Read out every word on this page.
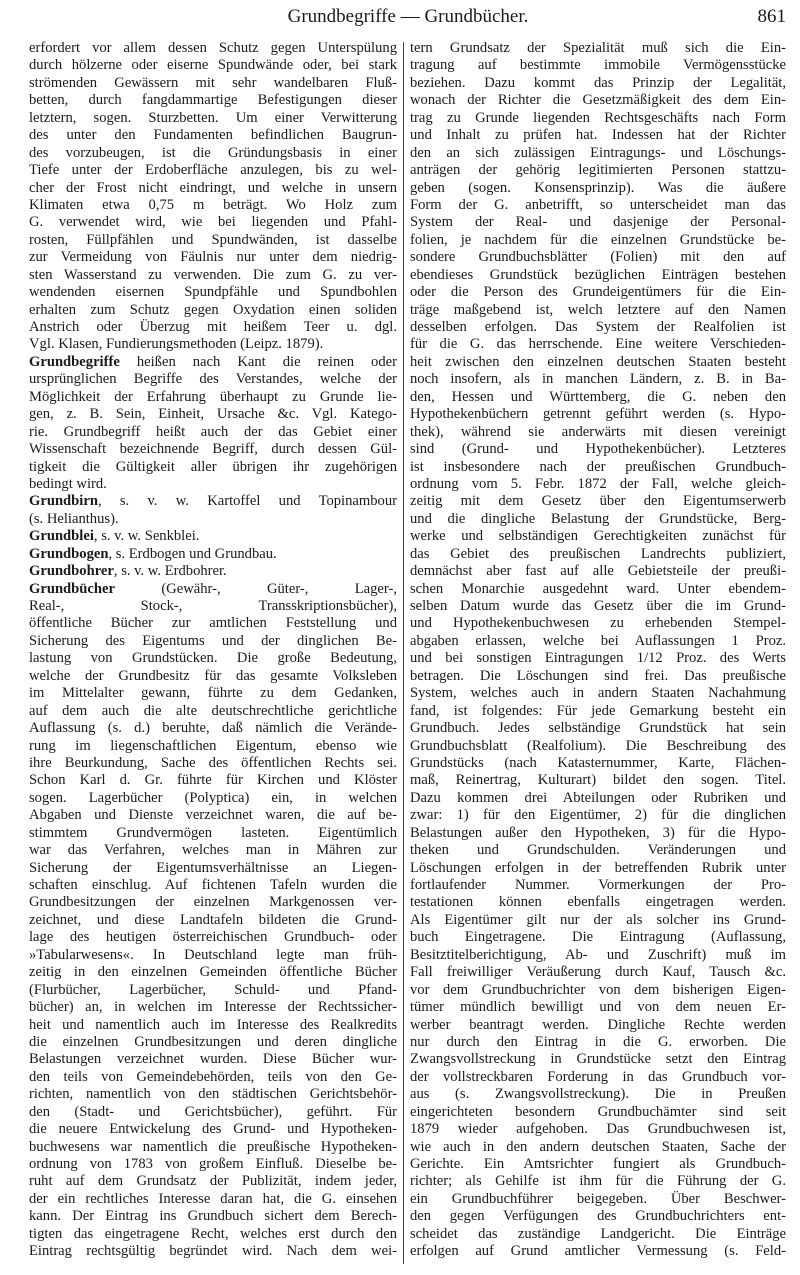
Grundbegriffe — Grundbücher.	861
erfordert vor allem dessen Schutz gegen Unterspülung
durch hölzerne oder eiserne Spundwände oder, bei stark
strömenden Gewässern mit sehr wandelbaren Fluß-
betten, durch fangdammartige Befestigungen dieser
letztern, sogen. Sturzbetten. Um einer Verwitterung
des unter den Fundamenten befindlichen Baugrun-
des vorzubeugen, ist die Gründungsbasis in einer
Tiefe unter der Erdoberfläche anzulegen, bis zu wel-
cher der Frost nicht eindringt, und welche in unsern
Klimaten etwa 0,75 m beträgt. Wo Holz zum
G. verwendet wird, wie bei liegenden und Pfahl-
rosten, Füllpfählen und Spundwänden, ist dasselbe
zur Vermeidung von Fäulnis nur unter dem niedrig-
sten Wasserstand zu verwenden. Die zum G. zu ver-
wendenden eisernen Spundpfähle und Spundbohlen
erhalten zum Schutz gegen Oxydation einen soliden
Anstrich oder Überzug mit heißem Teer u. dgl.
Vgl. Klasen, Fundierungsmethoden (Leipz. 1879).
Grundbegriffe heißen nach Kant die reinen oder
ursprünglichen Begriffe des Verstandes, welche der
Möglichkeit der Erfahrung überhaupt zu Grunde lie-
gen, z. B. Sein, Einheit, Ursache &c. Vgl. Katego-
rie. Grundbegriff heißt auch der das Gebiet einer
Wissenschaft bezeichnende Begriff, durch dessen Gül-
tigkeit die Gültigkeit aller übrigen ihr zugehörigen
bedingt wird.
Grundbirn, s. v. w. Kartoffel und Topinambour
(s. Helianthus).
Grundblei, s. v. w. Senkblei.
Grundbogen, s. Erdbogen und Grundbau.
Grundbohrer, s. v. w. Erdbohrer.
Grundbücher (Gewähr-, Güter-, Lager-,
Real-, Stock-, Transskriptionsbücher),
öffentliche Bücher zur amtlichen Feststellung und
Sicherung des Eigentums und der dinglichen Be-
lastung von Grundstücken. Die große Bedeutung,
welche der Grundbesitz für das gesamte Volksleben
im Mittelalter gewann, führte zu dem Gedanken,
auf dem auch die alte deutschrechtliche gerichtliche
Auflassung (s. d.) beruhte, daß nämlich die Verände-
rung im liegenschaftlichen Eigentum, ebenso wie
ihre Beurkundung, Sache des öffentlichen Rechts sei.
Schon Karl d. Gr. führte für Kirchen und Klöster
sogen. Lagerbücher (Polyptica) ein, in welchen
Abgaben und Dienste verzeichnet waren, die auf be-
stimmtem Grundvermögen lasteten. Eigentümlich
war das Verfahren, welches man in Mähren zur
Sicherung der Eigentumsverhältnisse an Liegen-
schaften einschlug. Auf fichtenen Tafeln wurden die
Grundbesitzungen der einzelnen Markgenossen ver-
zeichnet, und diese Landtafeln bildeten die Grund-
lage des heutigen österreichischen Grundbuch- oder
»Tabularwesens«. In Deutschland legte man früh-
zeitig in den einzelnen Gemeinden öffentliche Bücher
(Flurbücher, Lagerbücher, Schuld- und Pfand-
bücher) an, in welchen im Interesse der Rechtssicher-
heit und namentlich auch im Interesse des Realkredits
die einzelnen Grundbesitzungen und deren dingliche
Belastungen verzeichnet wurden. Diese Bücher wur-
den teils von Gemeindebehörden, teils von den Ge-
richten, namentlich von den städtischen Gerichtsbehör-
den (Stadt- und Gerichtsbücher), geführt. Für
die neuere Entwickelung des Grund- und Hypotheken-
buchwesens war namentlich die preußische Hypotheken-
ordnung von 1783 von großem Einfluß. Dieselbe be-
ruht auf dem Grundsatz der Publizität, indem jeder,
der ein rechtliches Interesse daran hat, die G. einsehen
kann. Der Eintrag ins Grundbuch sichert dem Berech-
tigten das eingetragene Recht, welches erst durch den
Eintrag rechtsgültig begründet wird. Nach dem wei-
tern Grundsatz der Spezialität muß sich die Ein-
tragung auf bestimmte immobile Vermögensstücke
beziehen. Dazu kommt das Prinzip der Legalität,
wonach der Richter die Gesetzmäßigkeit des dem Ein-
trag zu Grunde liegenden Rechtsgeschäfts nach Form
und Inhalt zu prüfen hat. Indessen hat der Richter
den an sich zulässigen Eintragungs- und Löschungs-
anträgen der gehörig legitimierten Personen stattzu-
geben (sogen. Konsensprinzip). Was die äußere
Form der G. anbetrifft, so unterscheidet man das
System der Real- und dasjenige der Personal-
folien, je nachdem für die einzelnen Grundstücke be-
sondere Grundbuchsblätter (Folien) mit den auf
ebendieses Grundstück bezüglichen Einträgen bestehen
oder die Person des Grundeigentümers für die Ein-
träge maßgebend ist, welch letztere auf den Namen
desselben erfolgen. Das System der Realfolien ist
für die G. das herrschende. Eine weitere Verschieden-
heit zwischen den einzelnen deutschen Staaten besteht
noch insofern, als in manchen Ländern, z. B. in Ba-
den, Hessen und Württemberg, die G. neben den
Hypothekenbüchern getrennt geführt werden (s. Hypo-
thek), während sie anderwärts mit diesen vereinigt
sind (Grund- und Hypothekenbücher). Letzteres
ist insbesondere nach der preußischen Grundbuch-
ordnung vom 5. Febr. 1872 der Fall, welche gleich-
zeitig mit dem Gesetz über den Eigentumserwerb
und die dingliche Belastung der Grundstücke, Berg-
werke und selbständigen Gerechtigkeiten zunächst für
das Gebiet des preußischen Landrechts publiziert,
demnächst aber fast auf alle Gebietsteile der preußi-
schen Monarchie ausgedehnt ward. Unter ebendem-
selben Datum wurde das Gesetz über die im Grund-
und Hypothekenbuchwesen zu erhebenden Stempel-
abgaben erlassen, welche bei Auflassungen 1 Proz.
und bei sonstigen Eintragungen 1/12 Proz. des Werts
betragen. Die Löschungen sind frei. Das preußische
System, welches auch in andern Staaten Nachahmung
fand, ist folgendes: Für jede Gemarkung besteht ein
Grundbuch. Jedes selbständige Grundstück hat sein
Grundbuchsblatt (Realfolium). Die Beschreibung des
Grundstücks (nach Katasternummer, Karte, Flächen-
maß, Reinertrag, Kulturart) bildet den sogen. Titel.
Dazu kommen drei Abteilungen oder Rubriken und
zwar: 1) für den Eigentümer, 2) für die dinglichen
Belastungen außer den Hypotheken, 3) für die Hypo-
theken und Grundschulden. Veränderungen und
Löschungen erfolgen in der betreffenden Rubrik unter
fortlaufender Nummer. Vormerkungen der Pro-
testationen können ebenfalls eingetragen werden.
Als Eigentümer gilt nur der als solcher ins Grund-
buch Eingetragene. Die Eintragung (Auflassung,
Besitztitelberichtigung, Ab- und Zuschrift) muß im
Fall freiwilliger Veräußerung durch Kauf, Tausch &c.
vor dem Grundbuchrichter von dem bisherigen Eigen-
tümer mündlich bewilligt und von dem neuen Er-
werber beantragt werden. Dingliche Rechte werden
nur durch den Eintrag in die G. erworben. Die
Zwangsvollstreckung in Grundstücke setzt den Eintrag
der vollstreckbaren Forderung in das Grundbuch vor-
aus (s. Zwangsvollstreckung). Die in Preußen
eingerichteten besondern Grundbuchämter sind seit
1879 wieder aufgehoben. Das Grundbuchwesen ist,
wie auch in den andern deutschen Staaten, Sache der
Gerichte. Ein Amtsrichter fungiert als Grundbuch-
richter; als Gehilfe ist ihm für die Führung der G.
ein Grundbuchführer beigegeben. Über Beschwer-
den gegen Verfügungen des Grundbuchrichters ent-
scheidet das zuständige Landgericht. Die Einträge
erfolgen auf Grund amtlicher Vermessung (s. Feld-
